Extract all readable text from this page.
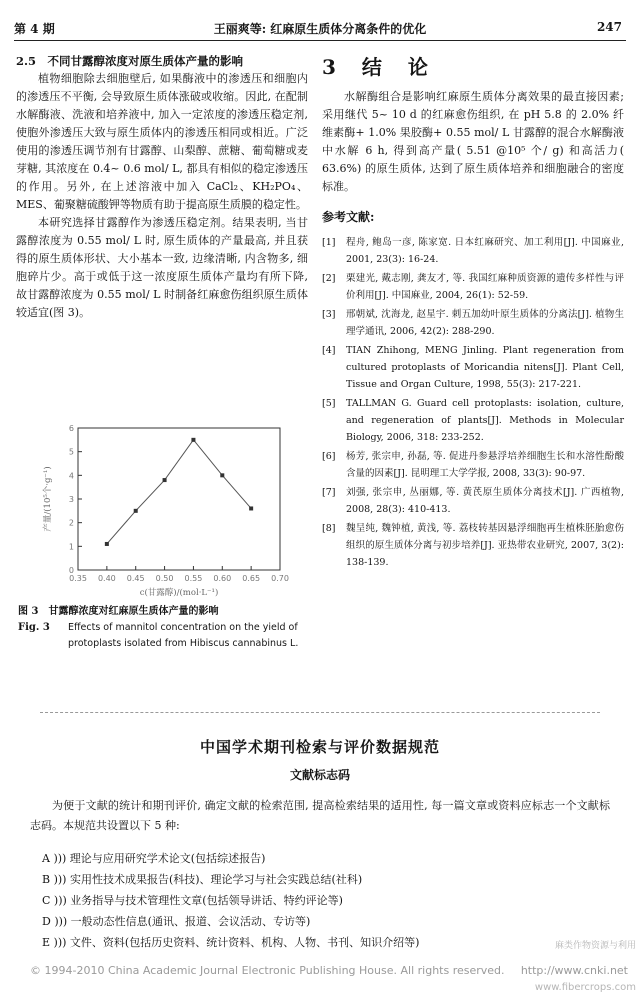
第 4 期	王丽爽等: 红麻原生质体分离条件的优化	247
2.5　不同甘露醇浓度对原生质体产量的影响

植物细胞除去细胞壁后, 如果酶液中的渗透压和细胞内的渗透压不平衡, 会导致原生质体涨破或收缩。因此, 在配制水解酶液、洗液和培养液中, 加入一定浓度的渗透压稳定剂, 使胞外渗透压大致与原生质体内的渗透压相同或相近。广泛使用的渗透压调节剂有甘露醇、山梨醇、蔗糖、葡萄糖或麦芽糖, 其浓度在 0.4~ 0.6 mol/ L, 都具有相似的稳定渗透压的作用。另外, 在上述溶液中加入 CaCl₂、KH₂PO₄、MES、葡聚糖硫酸钾等物质有助于提高原生质膜的稳定性。

本研究选择甘露醇作为渗透压稳定剂。结果表明, 当甘露醇浓度为 0.55 mol/ L 时, 原生质体的产量最高, 并且获得的原生质体形状、大小基本一致, 边缘清晰, 内含物多, 细胞碎片少。高于或低于这一浓度原生质体产量均有所下降, 故甘露醇浓度为 0.55 mol/ L 时制备红麻愈伤组织原生质体较适宜(图 3)。

0.35 0.40 0.45 0.50 0.55 0.60 0.65 0.70
0
1
2
3
4
5
6
c(甘露醇)/(mol·L⁻¹)
产量/(10⁵个·g⁻¹)
图 3　甘露醇浓度对红麻原生质体产量的影响
Fig. 3	Effects of mannitol concentration on the yield of protoplasts isolated from Hibiscus cannabinus L.
3　结　论

水解酶组合是影响红麻原生质体分离效果的最直接因素; 采用继代 5~ 10 d 的红麻愈伤组织, 在 pH 5.8 的 2.0% 纤维素酶+ 1.0% 果胶酶+ 0.55 mol/ L 甘露醇的混合水解酶液中水解 6 h, 得到高产量( 5.51 @10⁵ 个/ g) 和高活力( 63.6%) 的原生质体, 达到了原生质体培养和细胞融合的密度标准。

参考文献:
[1]	程舟, 鲍岛一彦, 陈家宽. 日本红麻研究、加工利用[J]. 中国麻业, 2001, 23(3): 16-24.
[2]	栗建光, 戴志刚, 龚友才, 等. 我国红麻种质资源的遗传多样性与评价利用[J]. 中国麻业, 2004, 26(1): 52-59.
[3]	邢朝斌, 沈海龙, 赵星宇. 刺五加幼叶原生质体的分离法[J]. 植物生理学通讯, 2006, 42(2): 288-290.
[4]	TIAN Zhihong, MENG Jinling. Plant regeneration from cultured protoplasts of Moricandia nitens[J]. Plant Cell, Tissue and Organ Culture, 1998, 55(3): 217-221.
[5]	TALLMAN G. Guard cell protoplasts: isolation, culture, and regeneration of plants[J]. Methods in Molecular Biology, 2006, 318: 233-252.
[6]	杨芳, 张宗申, 孙磊, 等. 促进丹参悬浮培养细胞生长和水溶性酚酸含量的因素[J]. 昆明理工大学学报, 2008, 33(3): 90-97.
[7]	刘强, 张宗申, 丛丽娜, 等. 黄芪原生质体分离技术[J]. 广西植物, 2008, 28(3): 410-413.
[8]	魏呈纯, 魏钟植, 黄浅, 等. 荔枝转基因悬浮细胞再生植株胚胎愈伤组织的原生质体分离与初步培养[J]. 亚热带农业研究, 2007, 3(2): 138-139.
中国学术期刊检索与评价数据规范
文献标志码
为便于文献的统计和期刊评价, 确定文献的检索范围, 提高检索结果的适用性, 每一篇文章或资料应标志一个文献标志码。本规范共设置以下 5 种:
A ))) 理论与应用研究学术论文(包括综述报告)
B ))) 实用性技术成果报告(科技)、理论学习与社会实践总结(社科)
C ))) 业务指导与技术管理性文章(包括领导讲话、特约评论等)
D ))) 一般动态性信息(通讯、报道、会议活动、专访等)
E ))) 文件、资料(包括历史资料、统计资料、机构、人物、书刊、知识介绍等)	麻类作物资源与利用
© 1994-2010 China Academic Journal Electronic Publishing House. All rights reserved. http://www.cnki.net
www.fibercrops.com
